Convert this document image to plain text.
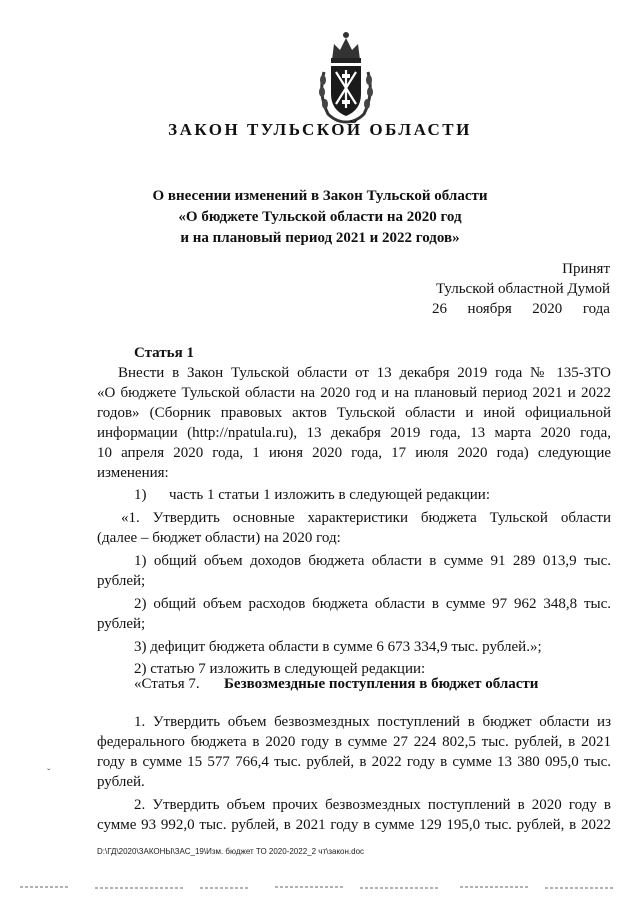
ЗАКОН ТУЛЬСКОЙ ОБЛАСТИ
О внесении изменений в Закон Тульской области
«О бюджете Тульской области на 2020 год
и на плановый период 2021 и 2022 годов»
Принят
Тульской областной Думой
26 ноября 2020 года
Статья 1
Внести в Закон Тульской области от 13 декабря 2019 года № 135-ЗТО
«О бюджете Тульской области на 2020 год и на плановый период 2021 и 2022
годов» (Сборник правовых актов Тульской области и иной официальной
информации (http://npatula.ru), 13 декабря 2019 года, 13 марта 2020 года,
10 апреля 2020 года, 1 июня 2020 года, 17 июля 2020 года) следующие
изменения:
1)      часть 1 статьи 1 изложить в следующей редакции:
«1. Утвердить основные характеристики бюджета Тульской области
(далее – бюджет области) на 2020 год:
1) общий объем доходов бюджета области в сумме 91 289 013,9 тыс.
рублей;
2) общий объем расходов бюджета области в сумме 97 962 348,8 тыс.
рублей;
3) дефицит бюджета области в сумме 6 673 334,9 тыс. рублей.»;
2) статью 7 изложить в следующей редакции:
«Статья 7. Безвозмездные поступления в бюджет области
1. Утвердить объем безвозмездных поступлений в бюджет области из
федерального бюджета в 2020 году в сумме 27 224 802,5 тыс. рублей, в 2021
году в сумме 15 577 766,4 тыс. рублей, в 2022 году в сумме 13 380 095,0 тыс.
рублей.
2. Утвердить объем прочих безвозмездных поступлений в 2020 году в
сумме 93 992,0 тыс. рублей, в 2021 году в сумме 129 195,0 тыс. рублей, в 2022
D:\ГД\2020\ЗАКОНЫ\ЗАС_19\Изм. бюджет ТО 2020-2022_2 чт\закон.doc
ˇ
